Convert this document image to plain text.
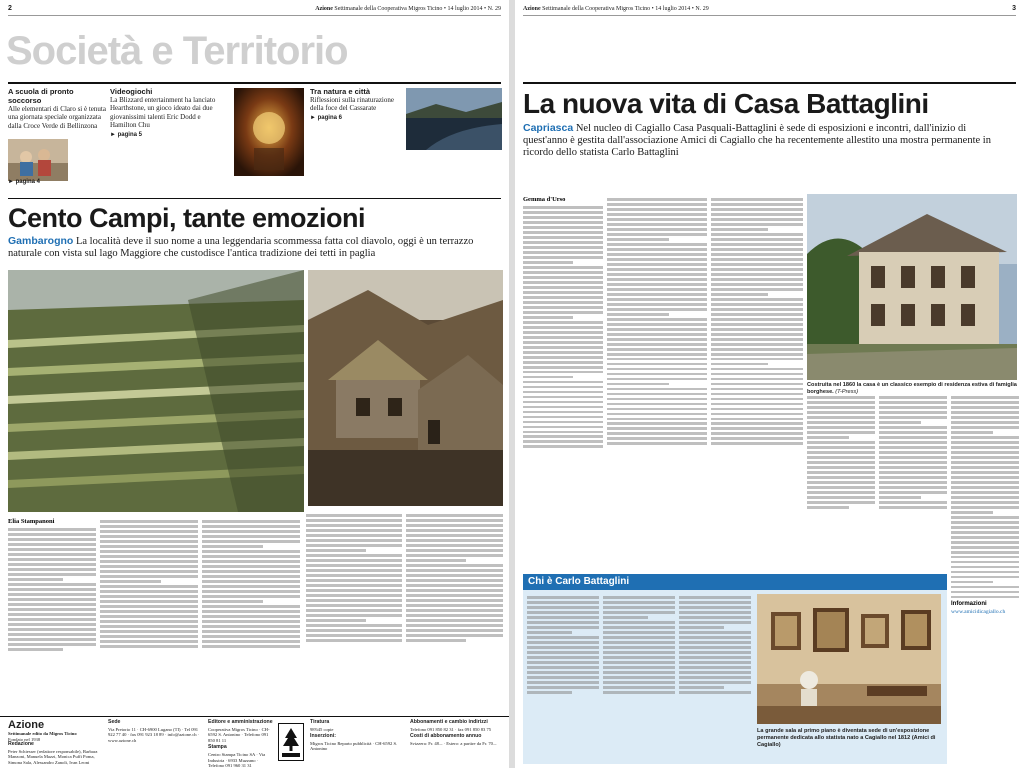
2	Azione Settimanale della Cooperativa Migros Ticino • 14 luglio 2014 • N. 29
Società e Territorio
A scuola di pronto soccorso

Alle elementari di Claro si è tenuta una giornata speciale organizzata dalla Croce Verde di Bellinzona

► pagina 4
Videogiochi

La Blizzard entertainment ha lanciato Hearthstone, un gioco ideato dai due giovanissimi talenti Eric Dodd e Hamilton Chu

► pagina 5
Tra natura e città

Riflessioni sulla rinaturazione della foce del Cassarate

► pagina 6
Cento Campi, tante emozioni
Gambarogno La località deve il suo nome a una leggendaria scommessa fatta col diavolo, oggi è un terrazzo naturale con vista sul lago Maggiore che custodisce l'antica tradizione dei tetti in paglia
Elia Stampanoni
Azione
Settimanale edito da Migros Ticino
Fondato nel 1938
Redazione
Peter Schiesser (redattore responsabile), Barbara Manzoni, Manuela Mazzi, Monica Puffi Poma, Simona Sala, Alessandro Zanoli, Ivan Leoni
Sede
Via Pretorio 11 · CH-6900 Lugano (TI) · Tel 091 922 77 40 · fax 091 923 18 89 · info@azione.ch · www.azione.ch
Editore e amministrazione
Cooperativa Migros Ticino · CH-6592 S. Antonino · Telefono 091 850 81 11
Stampa
Centro Stampa Ticino SA · Via Industria · 6933 Muzzano · Telefono 091 960 31 31
Tiratura
98'645 copie
Inserzioni:
Migros Ticino Reparto pubblicità · CH-6592 S. Antonino
Abbonamenti e cambio indirizzi
Telefono 091 850 82 31 · fax 091 850 83 75
Costi di abbonamento annuo
Svizzera: Fr. 48.– · Estero: a partire da Fr. 70.–
Azione Settimanale della Cooperativa Migros Ticino • 14 luglio 2014 • N. 29	3
La nuova vita di Casa Battaglini
Capriasca Nel nucleo di Cagiallo Casa Pasquali-Battaglini è sede di esposizioni e incontri, dall'inizio di quest'anno è gestita dall'associazione Amici di Cagiallo che ha recentemente allestito una mostra permanente in ricordo dello statista Carlo Battaglini
Gemma d'Urso
Costruita nel 1860 la casa è un classico esempio di residenza estiva di famiglia borghese. (T-Press)
Informazioni
www.amicidicagiallo.ch
Chi è Carlo Battaglini
La grande sala al primo piano è diventata sede di un'esposizione permanente dedicata allo statista nato a Cagiallo nel 1812 (Amici di Cagiallo)
